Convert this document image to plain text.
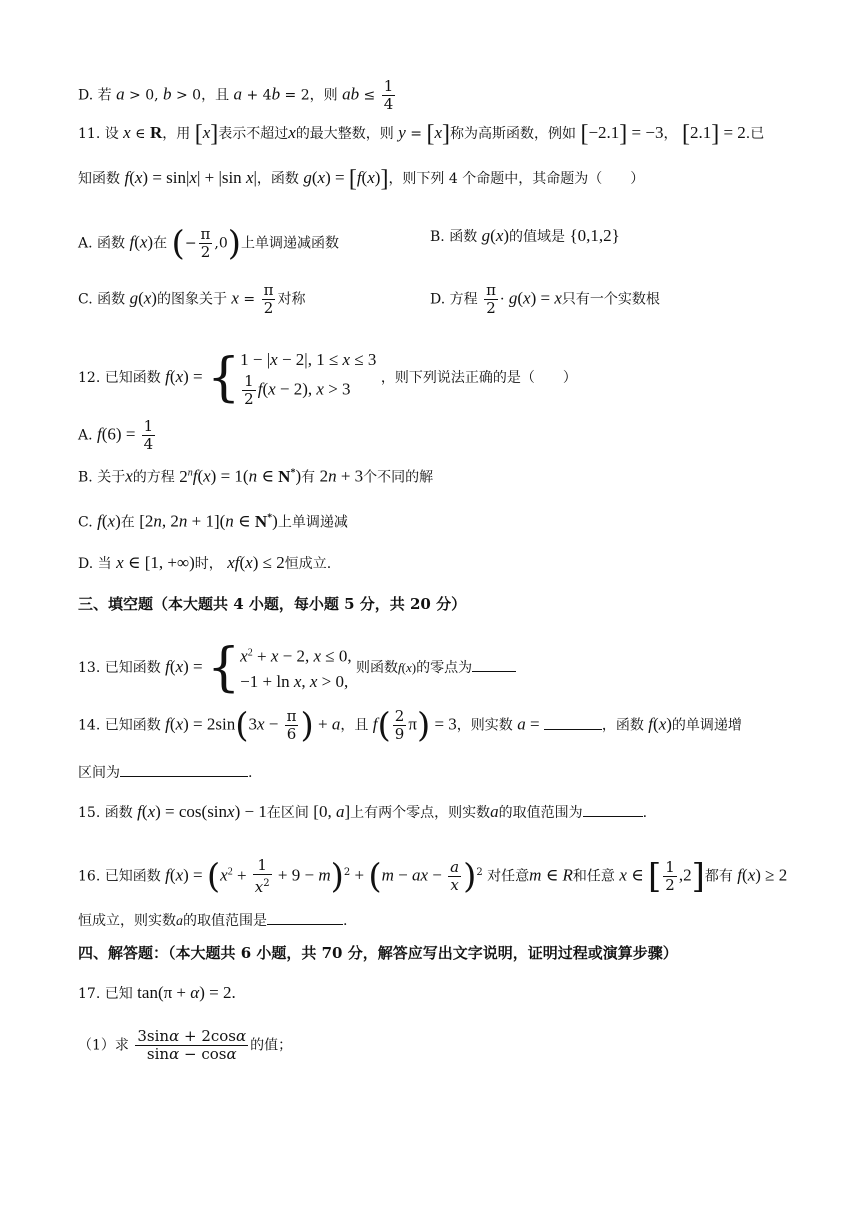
D. 若 a > 0, b > 0，且 a + 4b = 2，则 ab ≤ $\frac{1}{4}$
11. 设 x ∈ R，用 [x]表示不超过x的最大整数，则 y = [x]称为高斯函数，例如 [−2.1] = −3， [2.1] = 2.已
知函数 f(x) = sin|x| + |sin x|，函数 g(x) = [f(x)]，则下列 4 个命题中，其命题为（　　）
A. 函数 f(x)在 (− $\frac{\pi}{2} ,0$)上单调递减函数	B. 函数 g(x)的值域是 {0,1,2}
C. 函数 g(x)的图象关于 $x = \frac{\pi}{2}$ 对称	D. 方程 $\frac{\pi}{2} \cdot g(x) = x$只有一个实数根
12. 已知函数 f(x) = { 1 − |x − 2|, 1 ≤ x ≤ 3
$\frac{1}{2} f(x - 2)$, x > 3
，则下列说法正确的是（　　）
A. $f(6) = \frac{1}{4}$
B. 关于x的方程 $2^nf(x) = 1(n$ ∈ N*)有 2n + 3个不同的解
C. f(x)在 [2n, 2n + 1](n ∈ N*)上单调递减
D. 当 x ∈ [1, +∞)时， xf(x) ≤ 2恒成立.
三、填空题（本大题共 4 小题，每小题 5 分，共 20 分）
13. 已知函数 f(x) = { $x^2 + x - 2$, x ≤ 0,
−1 + ln x, x > 0,
则函数f(x)的零点为
14. 已知函数 $f(x) = 2\sin(3x - \frac{\pi}{6}$ ) + a，且 $f( \frac{2}{9} \pi) = 3$，则实数 a =	，函数 f(x)的单调递增
区间为	.
15. 函数 f(x) = cos(sinx) − 1在区间 [0, a]上有两个零点，则实数a的取值范围为	.
16. 已知函数 $f(x) = (x^2 + \frac{1}{x^2} + 9 - m)^2 + (m$ − ax − $\frac{a}{x} )^2$ 对任意m ∈ R和任意 x ∈ [ $\frac{1}{2} ,2$]都有 f(x) ≥ 2
恒成立，则实数a的取值范围是	.
四、解答题：（本大题共 6 小题，共 70 分，解答应写出文字说明，证明过程或演算步骤）
17. 已知 tan(π + α) = 2.
（1）求 $\frac{3\sin\alpha + 2\cos\alpha}{\sin\alpha - \cos\alpha}$ 的值；
